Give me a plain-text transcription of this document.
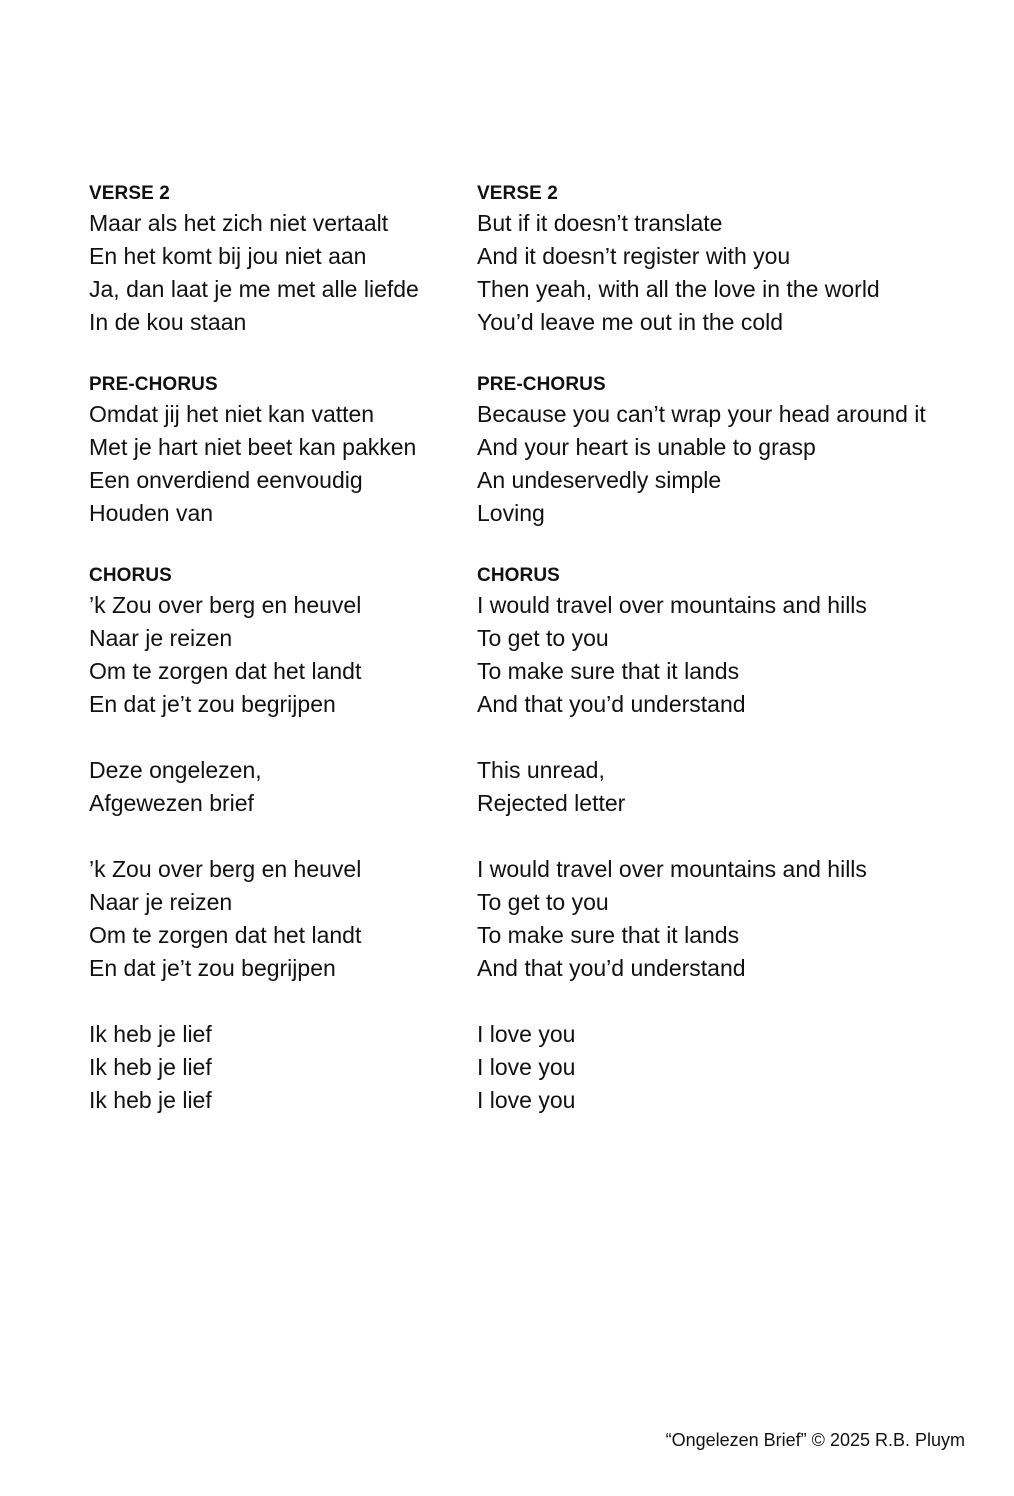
VERSE 2
Maar als het zich niet vertaalt
En het komt bij jou niet aan
Ja, dan laat je me met alle liefde
In de kou staan
PRE-CHORUS
Omdat jij het niet kan vatten
Met je hart niet beet kan pakken
Een onverdiend eenvoudig
Houden van
CHORUS
’k Zou over berg en heuvel
Naar je reizen
Om te zorgen dat het landt
En dat je’t zou begrijpen
Deze ongelezen,
Afgewezen brief
’k Zou over berg en heuvel
Naar je reizen
Om te zorgen dat het landt
En dat je’t zou begrijpen
Ik heb je lief
Ik heb je lief
Ik heb je lief
VERSE 2
But if it doesn’t translate
And it doesn’t register with you
Then yeah, with all the love in the world
You’d leave me out in the cold
PRE-CHORUS
Because you can’t wrap your head around it
And your heart is unable to grasp
An undeservedly simple
Loving
CHORUS
I would travel over mountains and hills
To get to you
To make sure that it lands
And that you’d understand
This unread,
Rejected letter
I would travel over mountains and hills
To get to you
To make sure that it lands
And that you’d understand
I love you
I love you
I love you
“Ongelezen Brief” © 2025 R.B. Pluym
